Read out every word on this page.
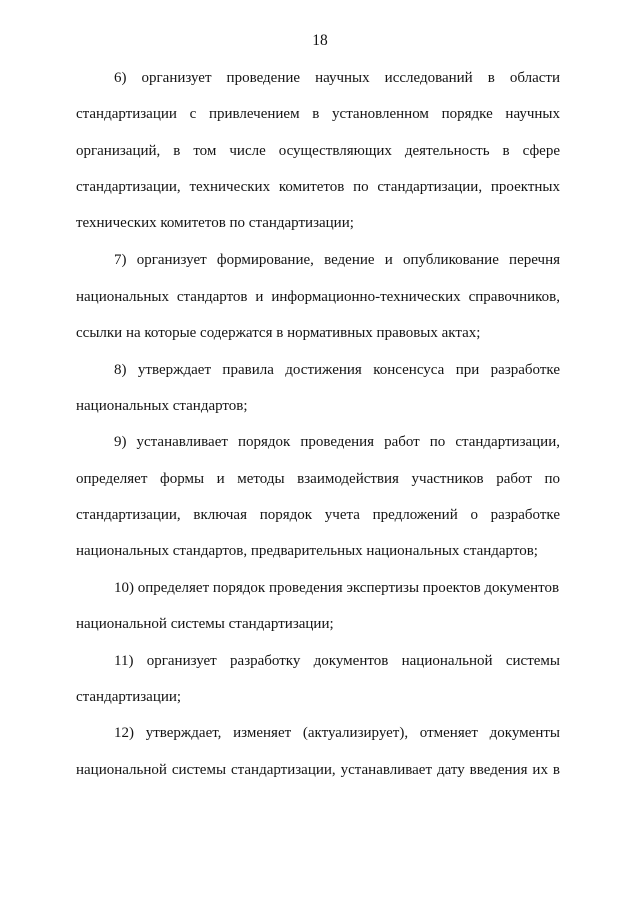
18
6) организует проведение научных исследований в области
стандартизации с привлечением в установленном порядке научных
организаций, в том числе осуществляющих деятельность в сфере
стандартизации, технических комитетов по стандартизации, проектных
технических комитетов по стандартизации;
7) организует формирование, ведение и опубликование перечня
национальных стандартов и информационно-технических справочников,
ссылки на которые содержатся в нормативных правовых актах;
8) утверждает правила достижения консенсуса при разработке
национальных стандартов;
9) устанавливает порядок проведения работ по стандартизации,
определяет формы и методы взаимодействия участников работ по
стандартизации, включая порядок учета предложений о разработке
национальных стандартов, предварительных национальных стандартов;
10) определяет порядок проведения экспертизы проектов документов
национальной системы стандартизации;
11) организует разработку документов национальной системы
стандартизации;
12) утверждает, изменяет (актуализирует), отменяет документы
национальной системы стандартизации, устанавливает дату введения их в
